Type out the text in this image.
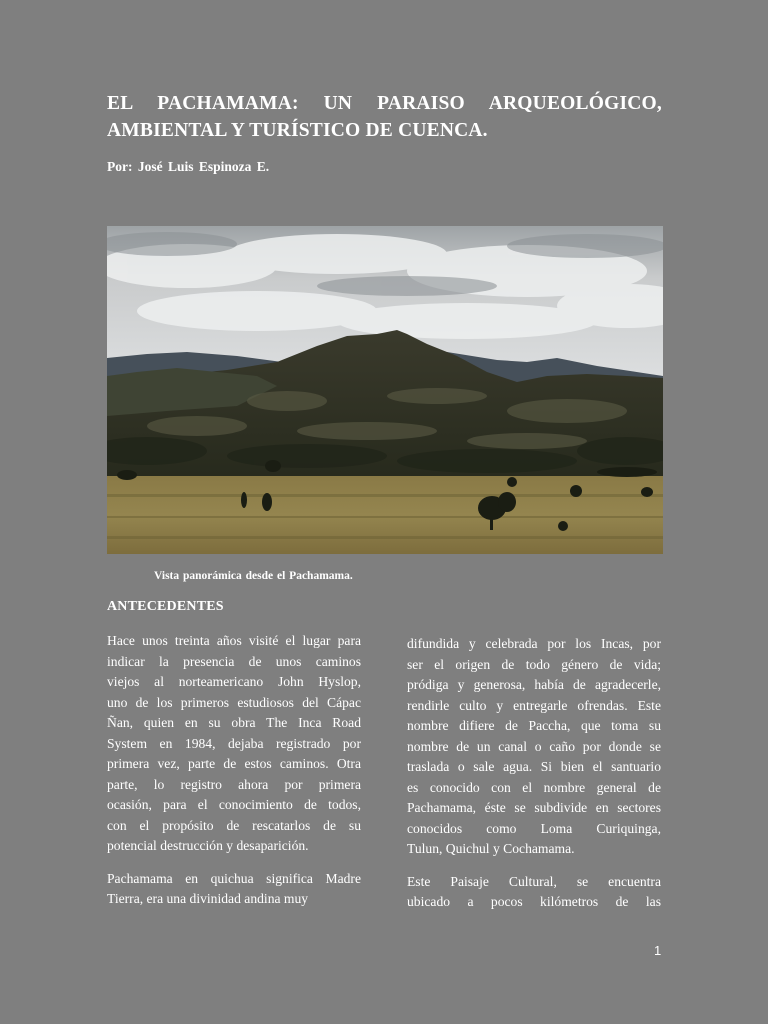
EL PACHAMAMA: UN PARAISO ARQUEOLÓGICO,
AMBIENTAL Y TURÍSTICO DE CUENCA.

Por: José Luis Espinoza E.

Vista panorámica desde el Pachamama.

ANTECEDENTES

Hace unos treinta años visité el lugar para
indicar la presencia de unos caminos
viejos al norteamericano John Hyslop,
uno de los primeros estudiosos del Cápac
Ñan, quien en su obra The Inca Road
System en 1984, dejaba registrado por
primera vez, parte de estos caminos. Otra
parte, lo registro ahora por primera
ocasión, para el conocimiento de todos,
con el propósito de rescatarlos de su
potencial destrucción y desaparición.

Pachamama en quichua significa Madre
Tierra, era una divinidad andina muy

difundida y celebrada por los Incas, por
ser el origen de todo género de vida;
pródiga y generosa, había de agradecerle,
rendirle culto y entregarle ofrendas. Este
nombre difiere de Paccha, que toma su
nombre de un canal o caño por donde se
traslada o sale agua. Si bien el santuario
es conocido con el nombre general de
Pachamama, éste se subdivide en sectores
conocidos como Loma Curiquinga,
Tulun, Quichul y Cochamama.

Este Paisaje Cultural, se encuentra
ubicado a pocos kilómetros de las

1
